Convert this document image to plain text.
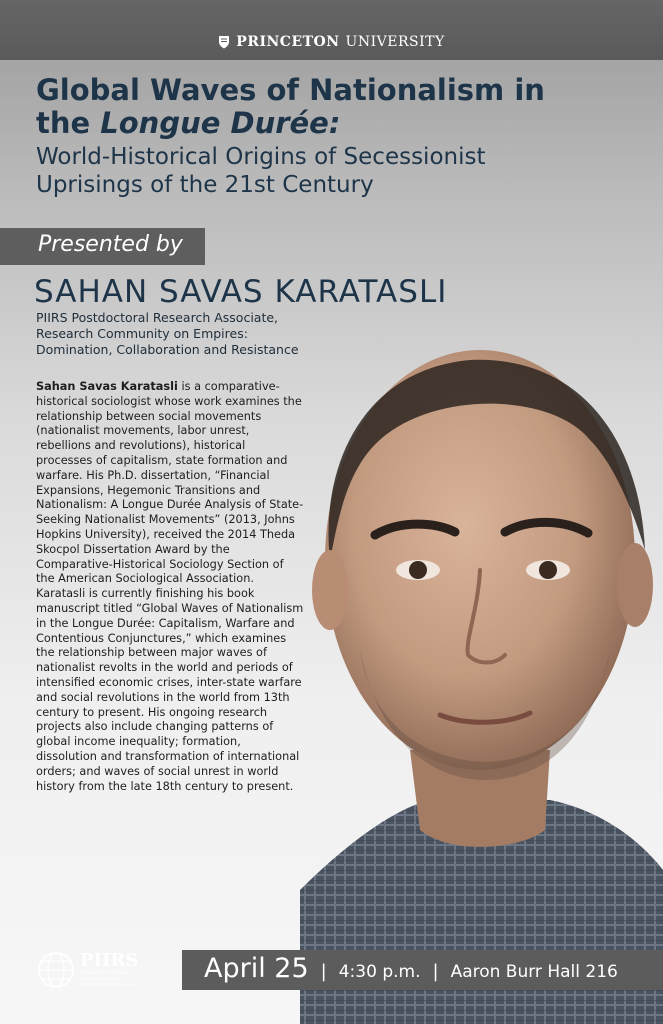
PRINCETON UNIVERSITY
Global Waves of Nationalism in
the Longue Durée:
World-Historical Origins of Secessionist
Uprisings of the 21st Century
Presented by
SAHAN SAVAS KARATASLI
PIIRS Postdoctoral Research Associate,
Research Community on Empires:
Domination, Collaboration and Resistance
Sahan Savas Karatasli is a comparative-historical sociologist whose work examines the relationship between social movements (nationalist movements, labor unrest, rebellions and revolutions), historical processes of capitalism, state formation and warfare. His Ph.D. dissertation, “Financial Expansions, Hegemonic Transitions and Nationalism: A Longue Durée Analysis of State-Seeking Nationalist Movements” (2013, Johns Hopkins University), received the 2014 Theda Skocpol Dissertation Award by the Comparative-Historical Sociology Section of the American Sociological Association. Karatasli is currently finishing his book manuscript titled “Global Waves of Nationalism in the Longue Durée: Capitalism, Warfare and Contentious Conjunctures,” which examines the relationship between major waves of nationalist revolts in the world and periods of intensified economic crises, inter-state warfare and social revolutions in the world from 13th century to present. His ongoing research projects also include changing patterns of global income inequality; formation, dissolution and transformation of international orders; and waves of social unrest in world history from the late 18th century to present.
PIIRS
Princeton Institute
for International
and Regional Studies
April 25 | 4:30 p.m. | Aaron Burr Hall 216
